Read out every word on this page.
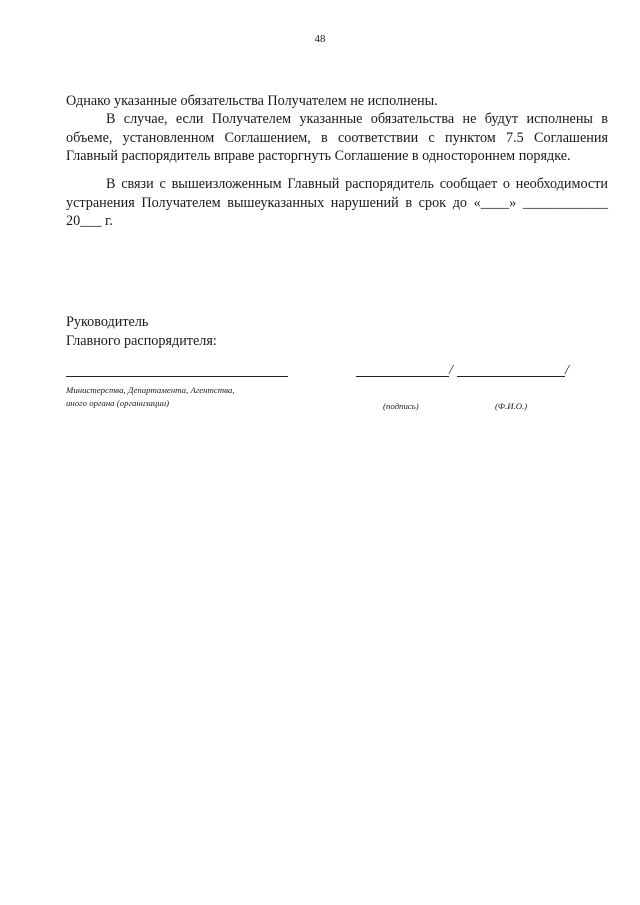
48
Однако указанные обязательства Получателем не исполнены.
В случае, если Получателем указанные обязательства не будут исполнены в объеме, установленном Соглашением, в соответствии с пунктом 7.5 Соглашения Главный распорядитель вправе расторгнуть Соглашение в одностороннем порядке.
В связи с вышеизложенным Главный распорядитель сообщает о необходимости устранения Получателем вышеуказанных нарушений в срок до «____» ____________ 20___ г.
Руководитель
Главного распорядителя:
Министерства, Департамента, Агентства,
иного органа (организации)
/	/
(подпись)	(Ф.И.О.)
